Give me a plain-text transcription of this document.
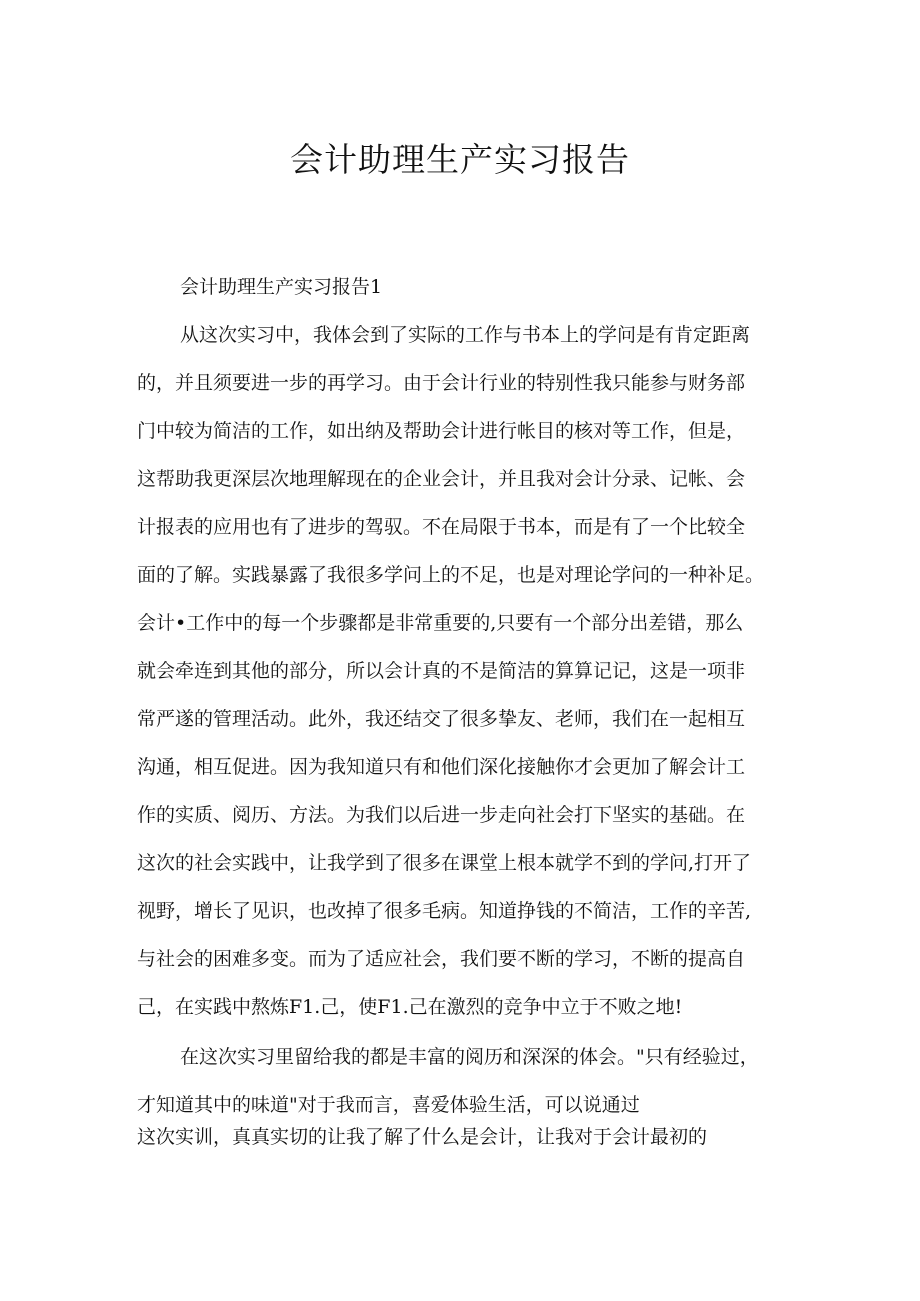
会计助理生产实习报告

会计助理生产实习报告1

从这次实习中，我体会到了实际的工作与书本上的学问是有肯定距离

的，并且须要进一步的再学习。由于会计行业的特别性我只能参与财务部

门中较为简洁的工作，如出纳及帮助会计进行帐目的核对等工作，但是，

这帮助我更深层次地理解现在的企业会计，并且我对会计分录、记帐、会

计报表的应用也有了进步的驾驭。不在局限于书本，而是有了一个比较全

面的了解。实践暴露了我很多学问上的不足，也是对理论学问的一种补足。

会计•工作中的每一个步骤都是非常重要的,只要有一个部分出差错，那么

就会牵连到其他的部分，所以会计真的不是简洁的算算记记，这是一项非

常严遂的管理活动。此外，我还结交了很多挚友、老师，我们在一起相互

沟通，相互促进。因为我知道只有和他们深化接触你才会更加了解会计工

作的实质、阅历、方法。为我们以后进一步走向社会打下坚实的基础。在

这次的社会实践中，让我学到了很多在课堂上根本就学不到的学问,打开了

视野，增长了见识，也改掉了很多毛病。知道挣钱的不简洁，工作的辛苦,

与社会的困难多变。而为了适应社会，我们要不断的学习，不断的提高自

己，在实践中熬炼F1.己，使F1.己在激烈的竞争中立于不败之地!

在这次实习里留给我的都是丰富的阅历和深深的体会。"只有经验过，

才知道其中的味道"对于我而言，喜爱体验生活，可以说通过

这次实训，真真实切的让我了解了什么是会计，让我对于会计最初的
